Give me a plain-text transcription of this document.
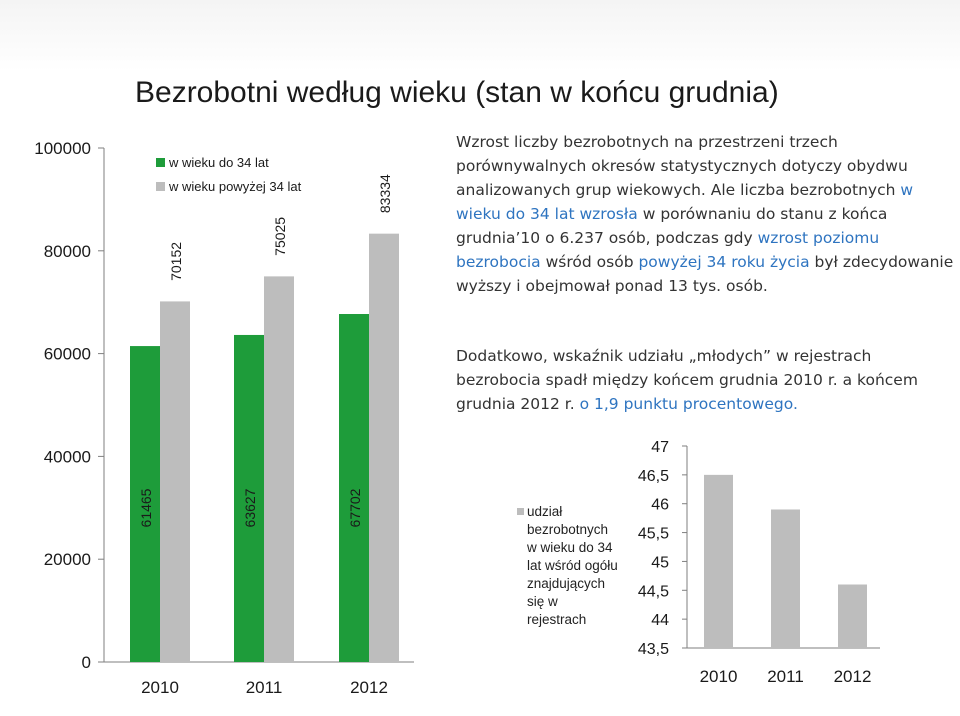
Bezrobotni według wieku (stan w końcu grudnia)
0
20000
40000
60000
80000
100000
61465
70152
2010
63627
75025
2011
67702
83334
2012
w wieku do 34 lat
w wieku powyżej 34 lat
43,5
44
44,5
45
45,5
46
46,5
47
2010 2011 2012
Wzrost liczby bezrobotnych na przestrzeni trzech porównywalnych okresów statystycznych dotyczy obydwu analizowanych grup wiekowych. Ale liczba bezrobotnych w wieku do 34 lat wzrosła w porównaniu do stanu z końca grudnia’10 o 6.237 osób, podczas gdy wzrost poziomu bezrobocia wśród osób powyżej 34 roku życia był zdecydowanie wyższy i obejmował ponad 13 tys. osób.
Dodatkowo, wskaźnik udziału „młodych” w rejestrach bezrobocia spadł między końcem grudnia 2010 r. a końcem grudnia 2012 r. o 1,9 punktu procentowego.
udział
bezrobotnych
w wieku do 34
lat wśród ogółu
znajdujących
się w
rejestrach
